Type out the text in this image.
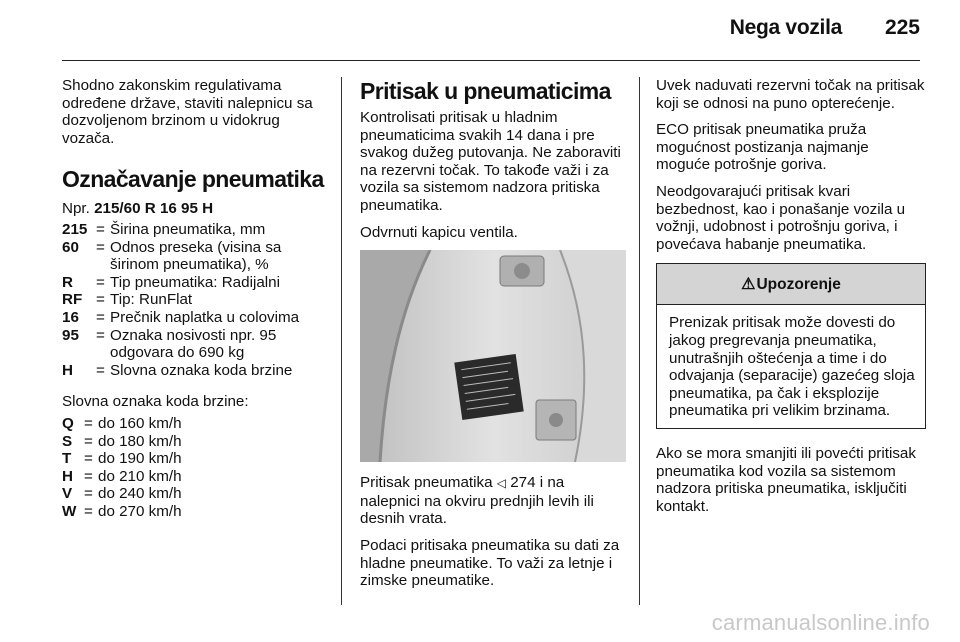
Nega vozila 225

Shodno zakonskim regulativama određene države, staviti nalepnicu sa dozvoljenom brzinom u vidokrug vozača.

Označavanje pneumatika
Npr. 215/60 R 16 95 H
215 = Širina pneumatika, mm
60	= Odnos preseka (visina sa širinom pneumatika), %
R	= Tip pneumatika: Radijalni
RF = Tip: RunFlat
16	= Prečnik naplatka u colovima
95	= Oznaka nosivosti npr. 95 odgovara do 690 kg
H	= Slovna oznaka koda brzine

Slovna oznaka koda brzine:

Q = do 160 km/h
S = do 180 km/h
T = do 190 km/h
H = do 210 km/h
V = do 240 km/h
W = do 270 km/h
Pritisak u pneumaticima

Kontrolisati pritisak u hladnim pneumaticima svakih 14 dana i pre svakog dužeg putovanja. Ne zaboraviti na rezervni točak. To takođe važi i za vozila sa sistemom nadzora pritiska pneumatika.

Odvrnuti kapicu ventila.

Pritisak pneumatika ◁ 274 i na nalepnici na okviru prednjih levih ili desnih vrata.

Podaci pritisaka pneumatika su dati za hladne pneumatike. To važi za letnje i zimske pneumatike.

Uvek naduvati rezervni točak na pritisak koji se odnosi na puno opterećenje.

ECO pritisak pneumatika pruža mogućnost postizanja najmanje moguće potrošnje goriva.

Neodgovarajući pritisak kvari bezbednost, kao i ponašanje vozila u vožnji, udobnost i potrošnju goriva, i povećava habanje pneumatika.

⚠ Upozorenje
Prenizak pritisak može dovesti do jakog pregrevanja pneumatika, unutrašnjih oštećenja a time i do odvajanja (separacije) gazećeg sloja pneumatika, pa čak i eksplozije pneumatika pri velikim brzinama.

Ako se mora smanjiti ili povećti pritisak pneumatika kod vozila sa sistemom nadzora pritiska pneumatika, isključiti kontakt.

carmanualsonline.info
